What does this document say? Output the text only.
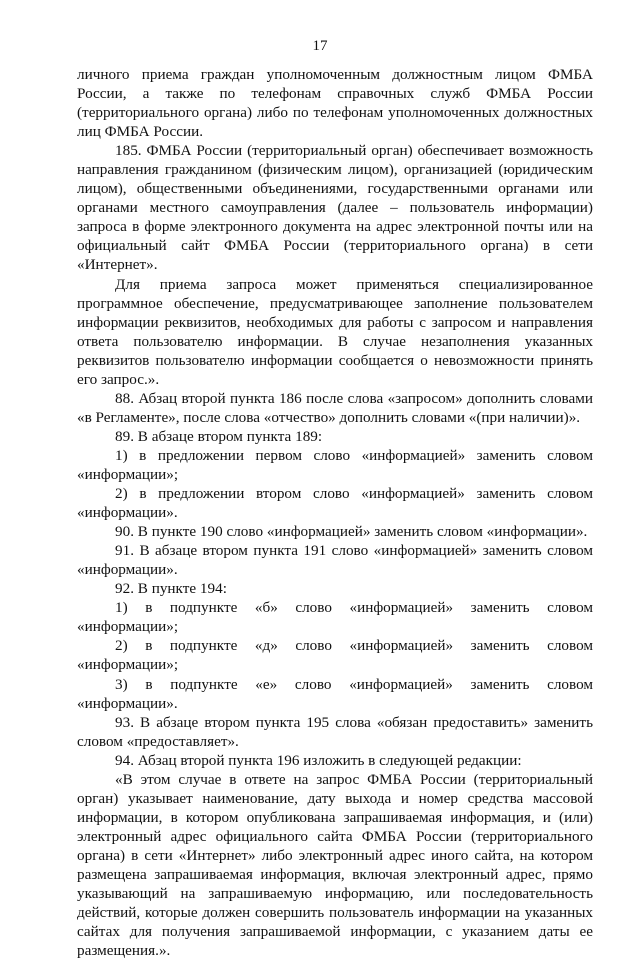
17

личного приема граждан уполномоченным должностным лицом ФМБА России, а также по телефонам справочных служб ФМБА России (территориального органа) либо по телефонам уполномоченных должностных лиц ФМБА России.

185. ФМБА России (территориальный орган) обеспечивает возможность направления гражданином (физическим лицом), организацией (юридическим лицом), общественными объединениями, государственными органами или органами местного самоуправления (далее – пользователь информации) запроса в форме электронного документа на адрес электронной почты или на официальный сайт ФМБА России (территориального органа) в сети «Интернет».

Для приема запроса может применяться специализированное программное обеспечение, предусматривающее заполнение пользователем информации реквизитов, необходимых для работы с запросом и направления ответа пользователю информации. В случае незаполнения указанных реквизитов пользователю информации сообщается о невозможности принять его запрос.».

88. Абзац второй пункта 186 после слова «запросом» дополнить словами «в Регламенте», после слова «отчество» дополнить словами «(при наличии)».

89. В абзаце втором пункта 189:

1) в предложении первом слово «информацией» заменить словом «информации»;

2) в предложении втором слово «информацией» заменить словом «информации».

90. В пункте 190 слово «информацией» заменить словом «информации».

91. В абзаце втором пункта 191 слово «информацией» заменить словом «информации».

92. В пункте 194:

1) в подпункте «б» слово «информацией» заменить словом «информации»;

2) в подпункте «д» слово «информацией» заменить словом «информации»;

3) в подпункте «е» слово «информацией» заменить словом «информации».

93. В абзаце втором пункта 195 слова «обязан предоставить» заменить словом «предоставляет».

94. Абзац второй пункта 196 изложить в следующей редакции:

«В этом случае в ответе на запрос ФМБА России (территориальный орган) указывает наименование, дату выхода и номер средства массовой информации, в котором опубликована запрашиваемая информация, и (или) электронный адрес официального сайта ФМБА России (территориального органа) в сети «Интернет» либо электронный адрес иного сайта, на котором размещена запрашиваемая информация, включая электронный адрес, прямо указывающий на запрашиваемую информацию, или последовательность действий, которые должен совершить пользователь информации на указанных сайтах для получения запрашиваемой информации, с указанием даты ее размещения.».
